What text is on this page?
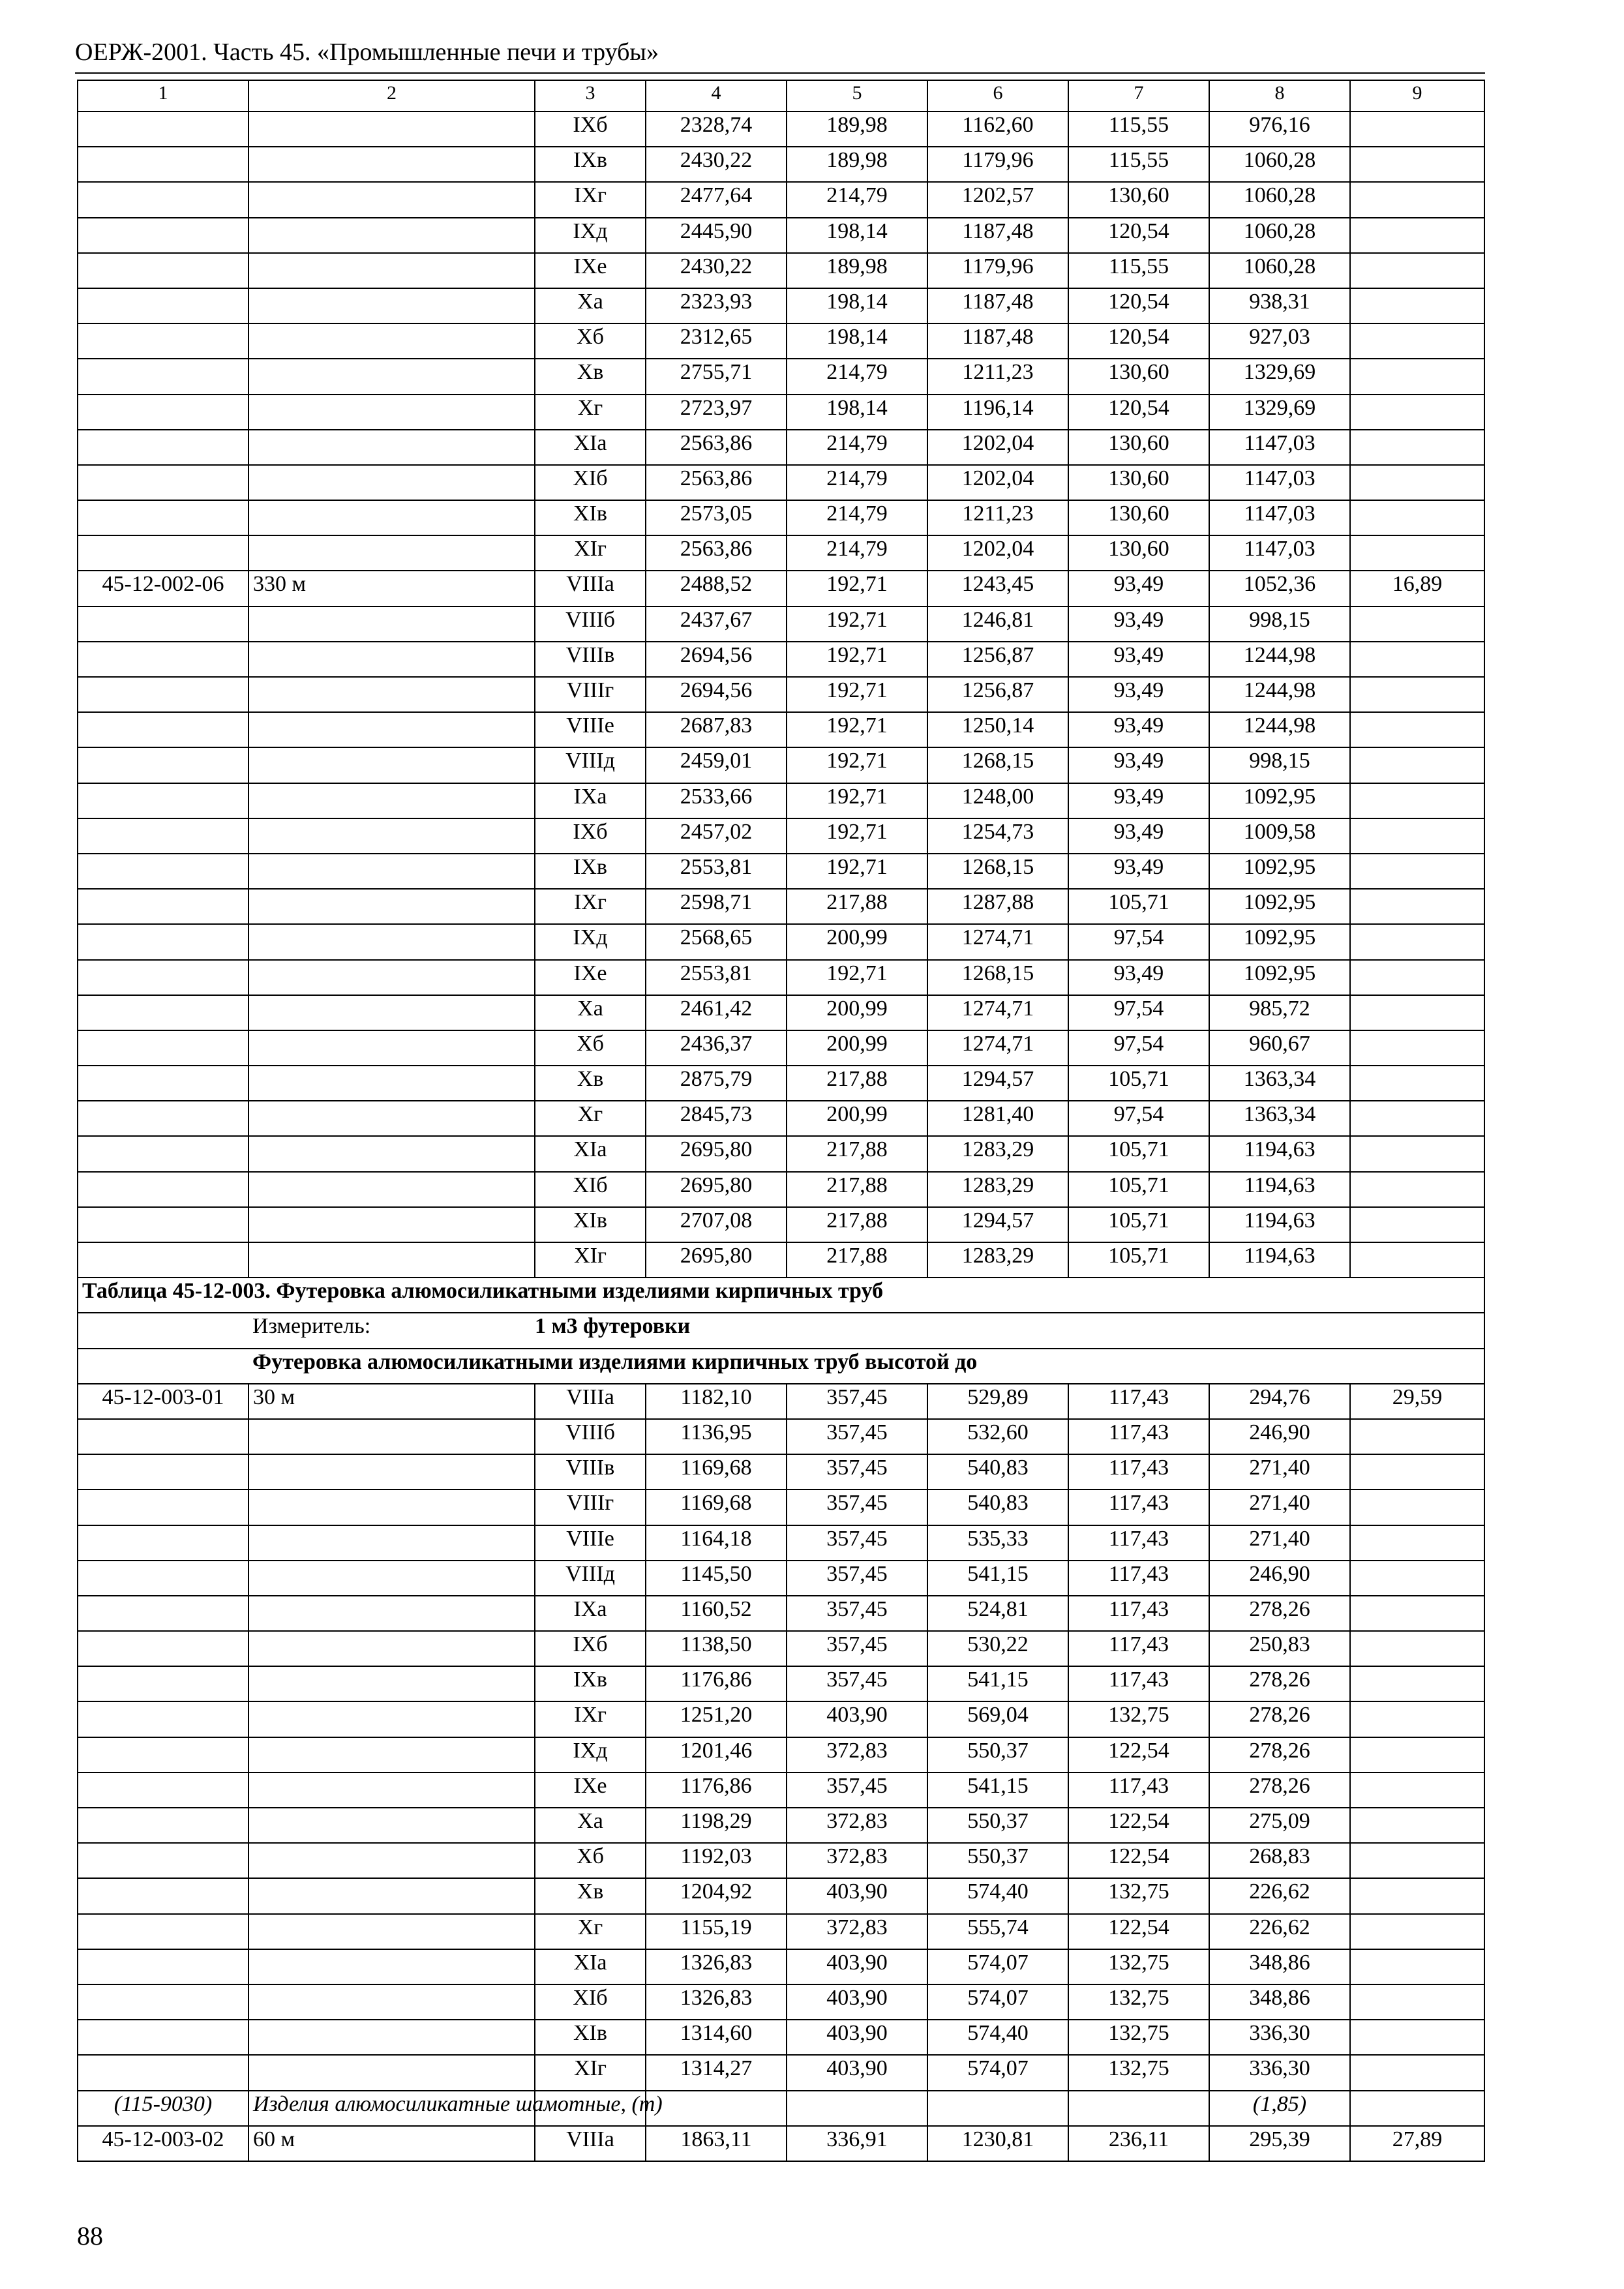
ОЕРЖ-2001. Часть 45. «Промышленные печи и трубы»
1	2	3	4	5	6	7	8	9
		IXб	2328,74	189,98	1162,60	115,55	976,16	
		IXв	2430,22	189,98	1179,96	115,55	1060,28	
		IXг	2477,64	214,79	1202,57	130,60	1060,28	
		IXд	2445,90	198,14	1187,48	120,54	1060,28	
		IXе	2430,22	189,98	1179,96	115,55	1060,28	
		Xа	2323,93	198,14	1187,48	120,54	938,31	
		Xб	2312,65	198,14	1187,48	120,54	927,03	
		Xв	2755,71	214,79	1211,23	130,60	1329,69	
		Xг	2723,97	198,14	1196,14	120,54	1329,69	
		XIа	2563,86	214,79	1202,04	130,60	1147,03	
		XIб	2563,86	214,79	1202,04	130,60	1147,03	
		XIв	2573,05	214,79	1211,23	130,60	1147,03	
		XIг	2563,86	214,79	1202,04	130,60	1147,03	
45-12-002-06	330 м	VIIIа	2488,52	192,71	1243,45	93,49	1052,36	16,89
		VIIIб	2437,67	192,71	1246,81	93,49	998,15	
		VIIIв	2694,56	192,71	1256,87	93,49	1244,98	
		VIIIг	2694,56	192,71	1256,87	93,49	1244,98	
		VIIIе	2687,83	192,71	1250,14	93,49	1244,98	
		VIIIд	2459,01	192,71	1268,15	93,49	998,15	
		IXа	2533,66	192,71	1248,00	93,49	1092,95	
		IXб	2457,02	192,71	1254,73	93,49	1009,58	
		IXв	2553,81	192,71	1268,15	93,49	1092,95	
		IXг	2598,71	217,88	1287,88	105,71	1092,95	
		IXд	2568,65	200,99	1274,71	97,54	1092,95	
		IXе	2553,81	192,71	1268,15	93,49	1092,95	
		Xа	2461,42	200,99	1274,71	97,54	985,72	
		Xб	2436,37	200,99	1274,71	97,54	960,67	
		Xв	2875,79	217,88	1294,57	105,71	1363,34	
		Xг	2845,73	200,99	1281,40	97,54	1363,34	
		XIа	2695,80	217,88	1283,29	105,71	1194,63	
		XIб	2695,80	217,88	1283,29	105,71	1194,63	
		XIв	2707,08	217,88	1294,57	105,71	1194,63	
		XIг	2695,80	217,88	1283,29	105,71	1194,63	
Таблица 45-12-003. Футеровка алюмосиликатными изделиями кирпичных труб								
	Измеритель:	1 м3 футеровки						
	Футеровка алюмосиликатными изделиями кирпичных труб высотой до							
45-12-003-01	30 м	VIIIа	1182,10	357,45	529,89	117,43	294,76	29,59
		VIIIб	1136,95	357,45	532,60	117,43	246,90	
		VIIIв	1169,68	357,45	540,83	117,43	271,40	
		VIIIг	1169,68	357,45	540,83	117,43	271,40	
		VIIIе	1164,18	357,45	535,33	117,43	271,40	
		VIIIд	1145,50	357,45	541,15	117,43	246,90	
		IXа	1160,52	357,45	524,81	117,43	278,26	
		IXб	1138,50	357,45	530,22	117,43	250,83	
		IXв	1176,86	357,45	541,15	117,43	278,26	
		IXг	1251,20	403,90	569,04	132,75	278,26	
		IXд	1201,46	372,83	550,37	122,54	278,26	
		IXе	1176,86	357,45	541,15	117,43	278,26	
		Xа	1198,29	372,83	550,37	122,54	275,09	
		Xб	1192,03	372,83	550,37	122,54	268,83	
		Xв	1204,92	403,90	574,40	132,75	226,62	
		Xг	1155,19	372,83	555,74	122,54	226,62	
		XIа	1326,83	403,90	574,07	132,75	348,86	
		XIб	1326,83	403,90	574,07	132,75	348,86	
		XIв	1314,60	403,90	574,40	132,75	336,30	
		XIг	1314,27	403,90	574,07	132,75	336,30	
(115-9030)	Изделия алюмосиликатные шамотные, (т)						(1,85)	
45-12-003-02	60 м	VIIIа	1863,11	336,91	1230,81	236,11	295,39	27,89
88
